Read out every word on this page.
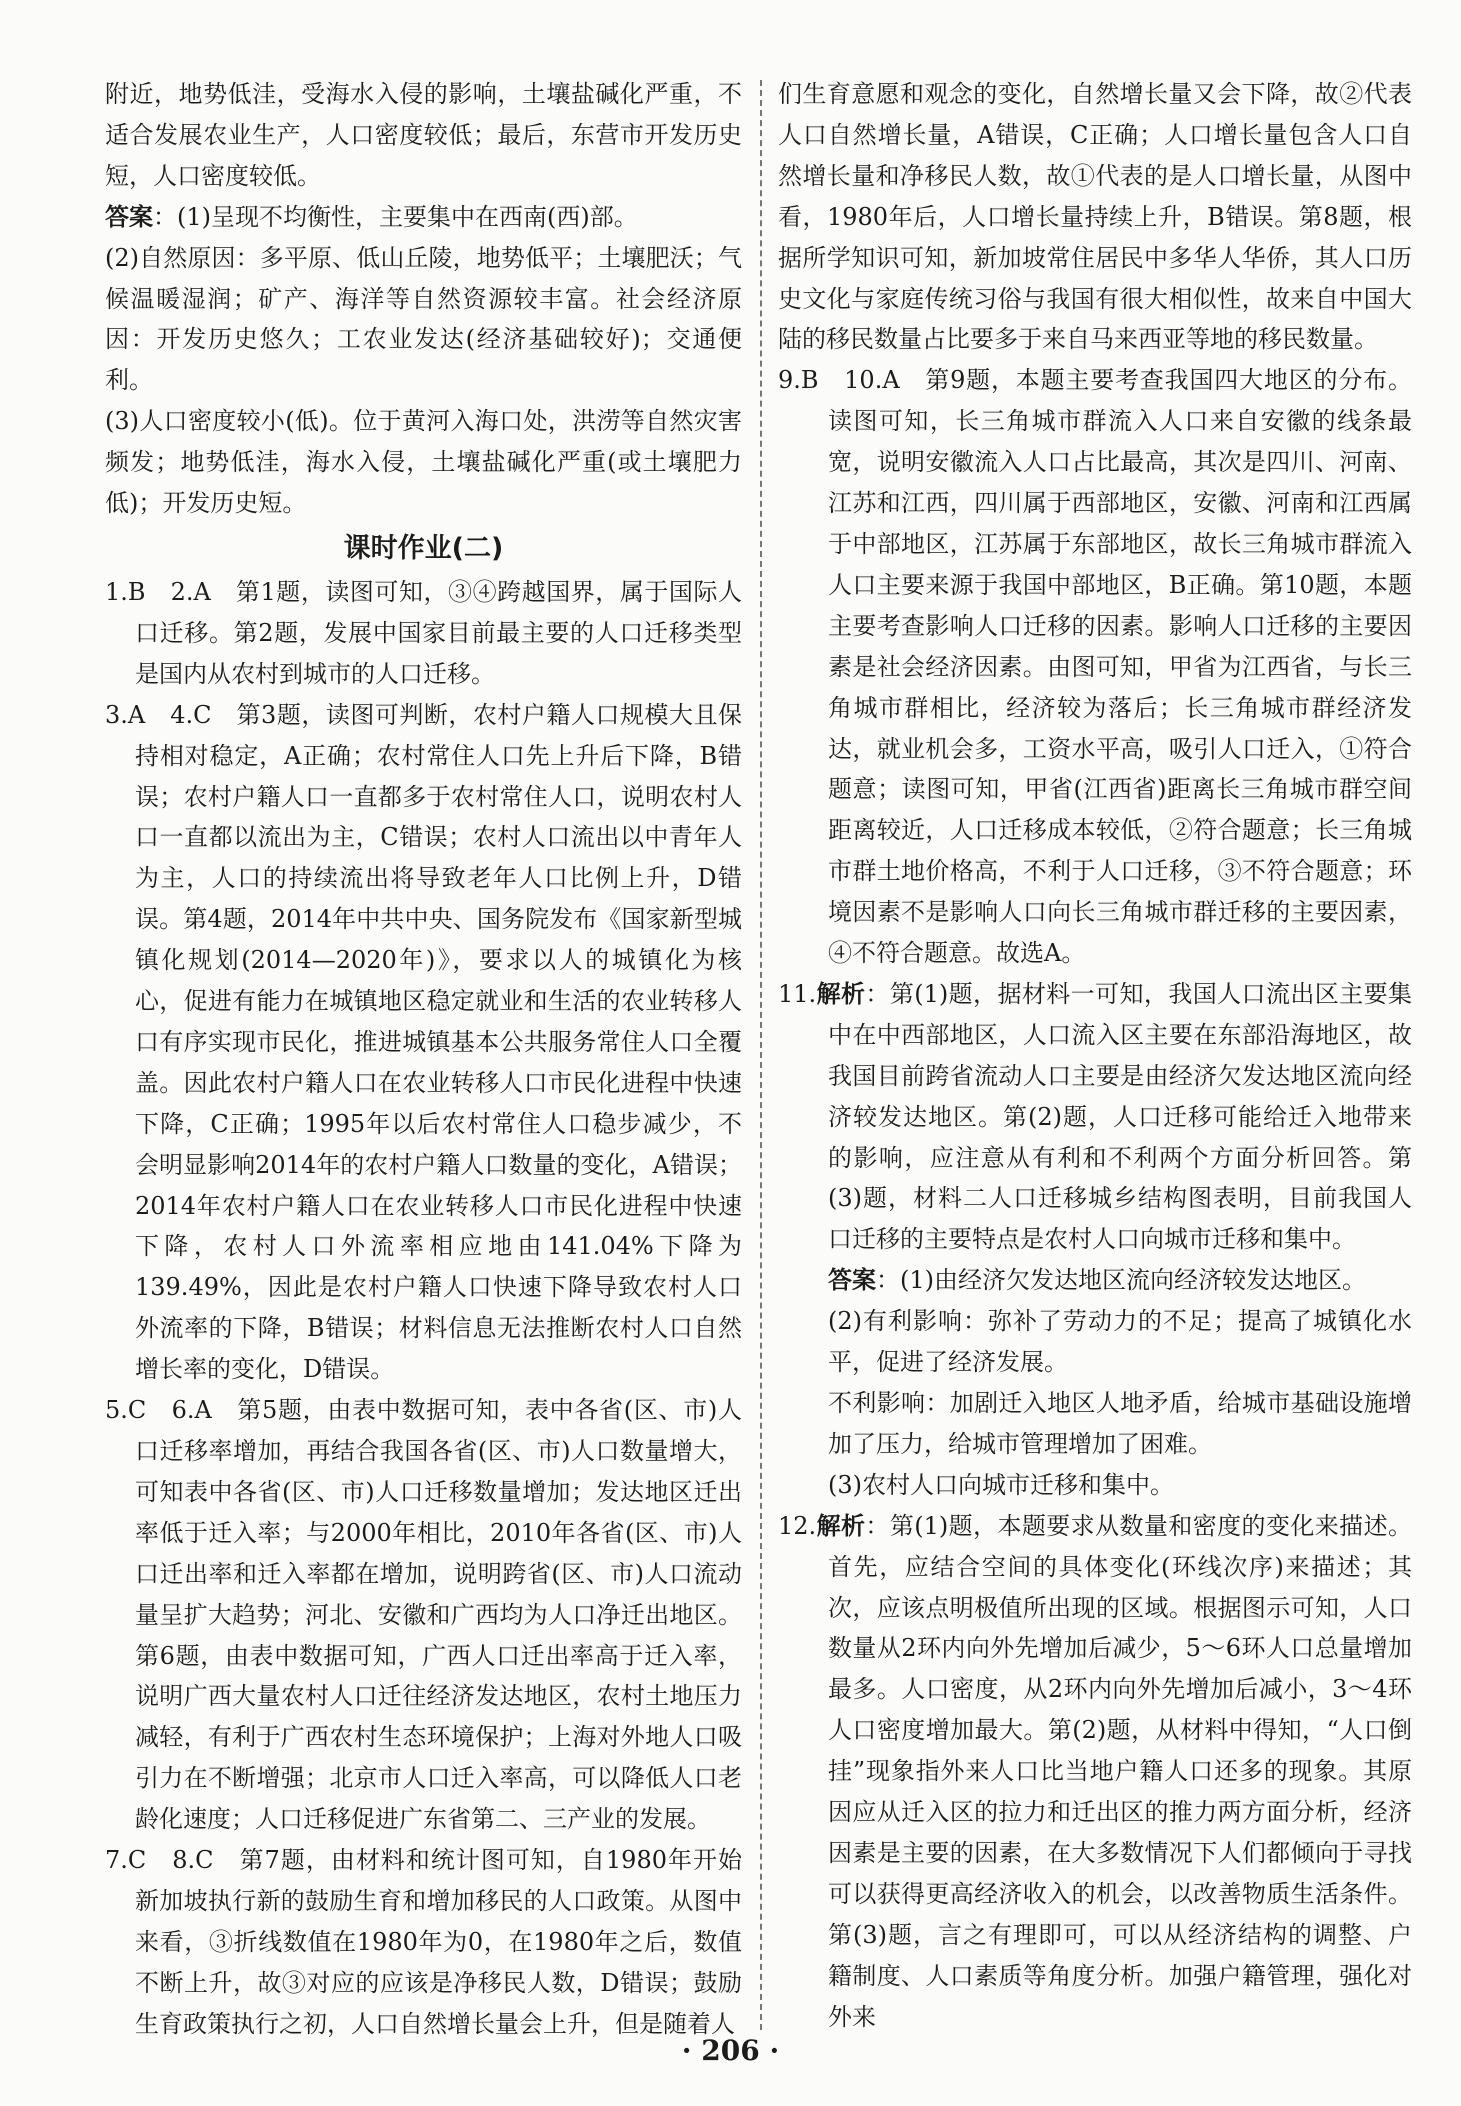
附近，地势低洼，受海水入侵的影响，土壤盐碱化严重，不适合发展农业生产，人口密度较低；最后，东营市开发历史短，人口密度较低。

答案：(1)呈现不均衡性，主要集中在西南(西)部。

(2)自然原因：多平原、低山丘陵，地势低平；土壤肥沃；气候温暖湿润；矿产、海洋等自然资源较丰富。社会经济原因：开发历史悠久；工农业发达(经济基础较好)；交通便利。

(3)人口密度较小(低)。位于黄河入海口处，洪涝等自然灾害频发；地势低洼，海水入侵，土壤盐碱化严重(或土壤肥力低)；开发历史短。

课时作业(二)

1.B　2.A　第1题，读图可知，③④跨越国界，属于国际人口迁移。第2题，发展中国家目前最主要的人口迁移类型是国内从农村到城市的人口迁移。

3.A　4.C　第3题，读图可判断，农村户籍人口规模大且保持相对稳定，A正确；农村常住人口先上升后下降，B错误；农村户籍人口一直都多于农村常住人口，说明农村人口一直都以流出为主，C错误；农村人口流出以中青年人为主，人口的持续流出将导致老年人口比例上升，D错误。第4题，2014年中共中央、国务院发布《国家新型城镇化规划(2014—2020年)》，要求以人的城镇化为核心，促进有能力在城镇地区稳定就业和生活的农业转移人口有序实现市民化，推进城镇基本公共服务常住人口全覆盖。因此农村户籍人口在农业转移人口市民化进程中快速下降，C正确；1995年以后农村常住人口稳步减少，不会明显影响2014年的农村户籍人口数量的变化，A错误；2014年农村户籍人口在农业转移人口市民化进程中快速下降，农村人口外流率相应地由141.04%下降为139.49%，因此是农村户籍人口快速下降导致农村人口外流率的下降，B错误；材料信息无法推断农村人口自然增长率的变化，D错误。

5.C　6.A　第5题，由表中数据可知，表中各省(区、市)人口迁移率增加，再结合我国各省(区、市)人口数量增大，可知表中各省(区、市)人口迁移数量增加；发达地区迁出率低于迁入率；与2000年相比，2010年各省(区、市)人口迁出率和迁入率都在增加，说明跨省(区、市)人口流动量呈扩大趋势；河北、安徽和广西均为人口净迁出地区。第6题，由表中数据可知，广西人口迁出率高于迁入率，说明广西大量农村人口迁往经济发达地区，农村土地压力减轻，有利于广西农村生态环境保护；上海对外地人口吸引力在不断增强；北京市人口迁入率高，可以降低人口老龄化速度；人口迁移促进广东省第二、三产业的发展。

7.C　8.C　第7题，由材料和统计图可知，自1980年开始新加坡执行新的鼓励生育和增加移民的人口政策。从图中来看，③折线数值在1980年为0，在1980年之后，数值不断上升，故③对应的应该是净移民人数，D错误；鼓励生育政策执行之初，人口自然增长量会上升，但是随着人

们生育意愿和观念的变化，自然增长量又会下降，故②代表人口自然增长量，A错误，C正确；人口增长量包含人口自然增长量和净移民人数，故①代表的是人口增长量，从图中看，1980年后，人口增长量持续上升，B错误。第8题，根据所学知识可知，新加坡常住居民中多华人华侨，其人口历史文化与家庭传统习俗与我国有很大相似性，故来自中国大陆的移民数量占比要多于来自马来西亚等地的移民数量。

9.B　10.A　第9题，本题主要考查我国四大地区的分布。读图可知，长三角城市群流入人口来自安徽的线条最宽，说明安徽流入人口占比最高，其次是四川、河南、江苏和江西，四川属于西部地区，安徽、河南和江西属于中部地区，江苏属于东部地区，故长三角城市群流入人口主要来源于我国中部地区，B正确。第10题，本题主要考查影响人口迁移的因素。影响人口迁移的主要因素是社会经济因素。由图可知，甲省为江西省，与长三角城市群相比，经济较为落后；长三角城市群经济发达，就业机会多，工资水平高，吸引人口迁入，①符合题意；读图可知，甲省(江西省)距离长三角城市群空间距离较近，人口迁移成本较低，②符合题意；长三角城市群土地价格高，不利于人口迁移，③不符合题意；环境因素不是影响人口向长三角城市群迁移的主要因素，④不符合题意。故选A。

11.解析：第(1)题，据材料一可知，我国人口流出区主要集中在中西部地区，人口流入区主要在东部沿海地区，故我国目前跨省流动人口主要是由经济欠发达地区流向经济较发达地区。第(2)题，人口迁移可能给迁入地带来的影响，应注意从有利和不利两个方面分析回答。第(3)题，材料二人口迁移城乡结构图表明，目前我国人口迁移的主要特点是农村人口向城市迁移和集中。

答案：(1)由经济欠发达地区流向经济较发达地区。

(2)有利影响：弥补了劳动力的不足；提高了城镇化水平，促进了经济发展。

不利影响：加剧迁入地区人地矛盾，给城市基础设施增加了压力，给城市管理增加了困难。

(3)农村人口向城市迁移和集中。

12.解析：第(1)题，本题要求从数量和密度的变化来描述。首先，应结合空间的具体变化(环线次序)来描述；其次，应该点明极值所出现的区域。根据图示可知，人口数量从2环内向外先增加后减少，5～6环人口总量增加最多。人口密度，从2环内向外先增加后减小，3～4环人口密度增加最大。第(2)题，从材料中得知，“人口倒挂”现象指外来人口比当地户籍人口还多的现象。其原因应从迁入区的拉力和迁出区的推力两方面分析，经济因素是主要的因素，在大多数情况下人们都倾向于寻找可以获得更高经济收入的机会，以改善物质生活条件。第(3)题，言之有理即可，可以从经济结构的调整、户籍制度、人口素质等角度分析。加强户籍管理，强化对外来

· 206 ·
